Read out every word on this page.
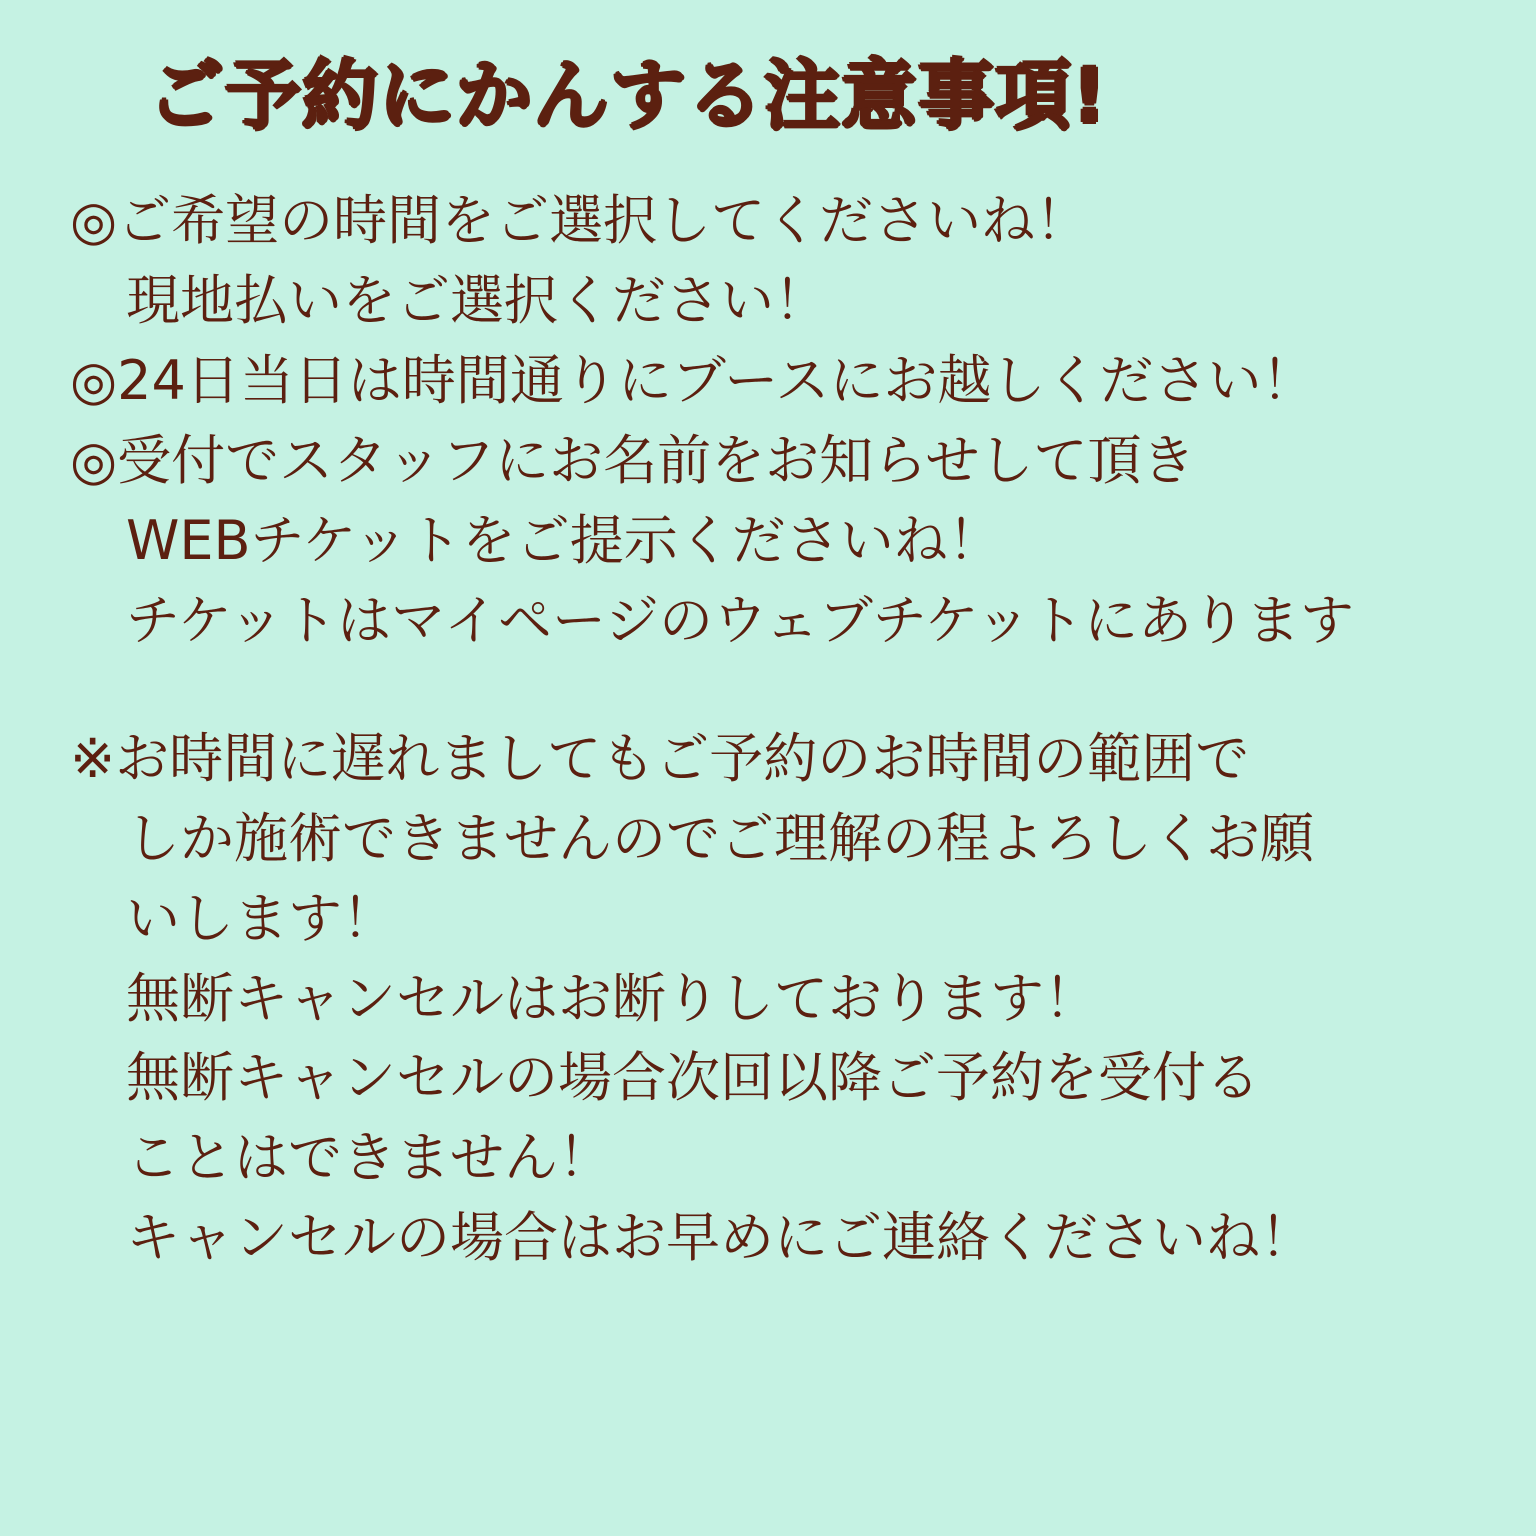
ご予約にかんする注意事項!

◎ご希望の時間をご選択してくださいね！

現地払いをご選択ください！

◎24日当日は時間通りにブースにお越しください！

◎受付でスタッフにお名前をお知らせして頂き

WEBチケットをご提示くださいね！

チケットはマイページのウェブチケットにあります

※お時間に遅れましてもご予約のお時間の範囲で

しか施術できませんのでご理解の程よろしくお願

いします！

無断キャンセルはお断りしております！

無断キャンセルの場合次回以降ご予約を受付る

ことはできません！

キャンセルの場合はお早めにご連絡くださいね！
